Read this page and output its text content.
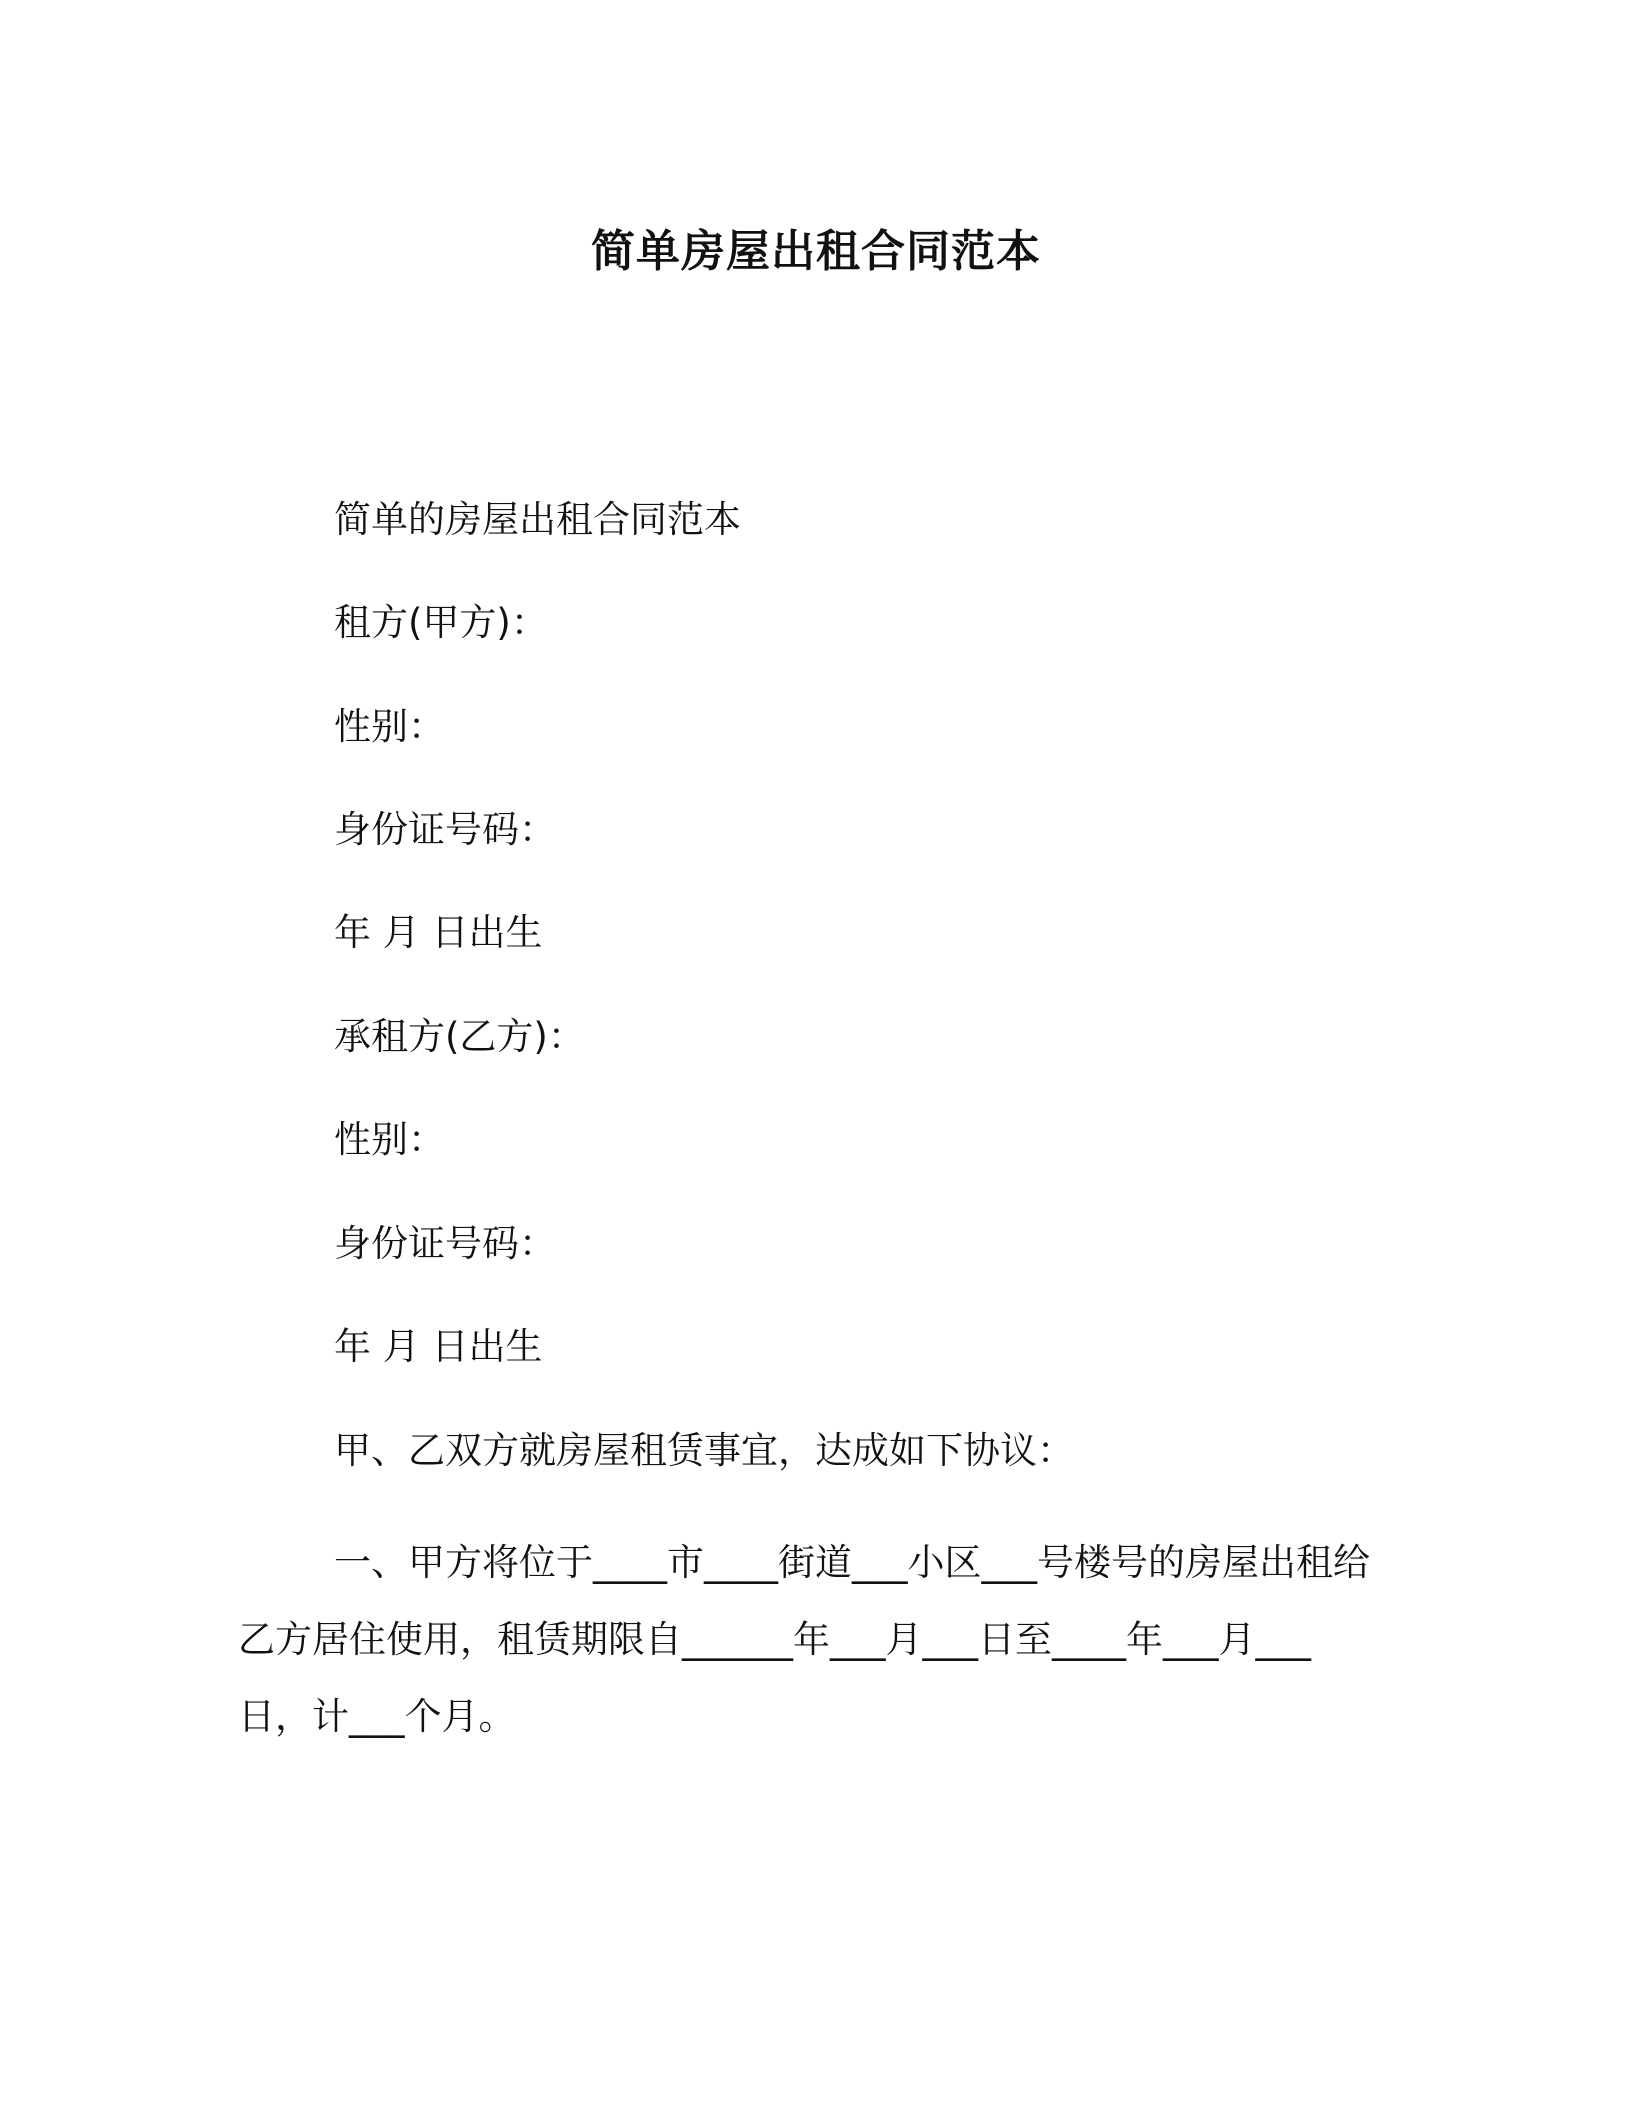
简单房屋出租合同范本
简单的房屋出租合同范本
租方(甲方)：
性别：
身份证号码：
年 月 日出生
承租方(乙方)：
性别：
身份证号码：
年 月 日出生
甲、乙双方就房屋租赁事宜，达成如下协议：
一、甲方将位于____市____街道___小区___号楼号的房屋出租给乙方居住使用，租赁期限自______年___月___日至____年___月___日，计___个月。
